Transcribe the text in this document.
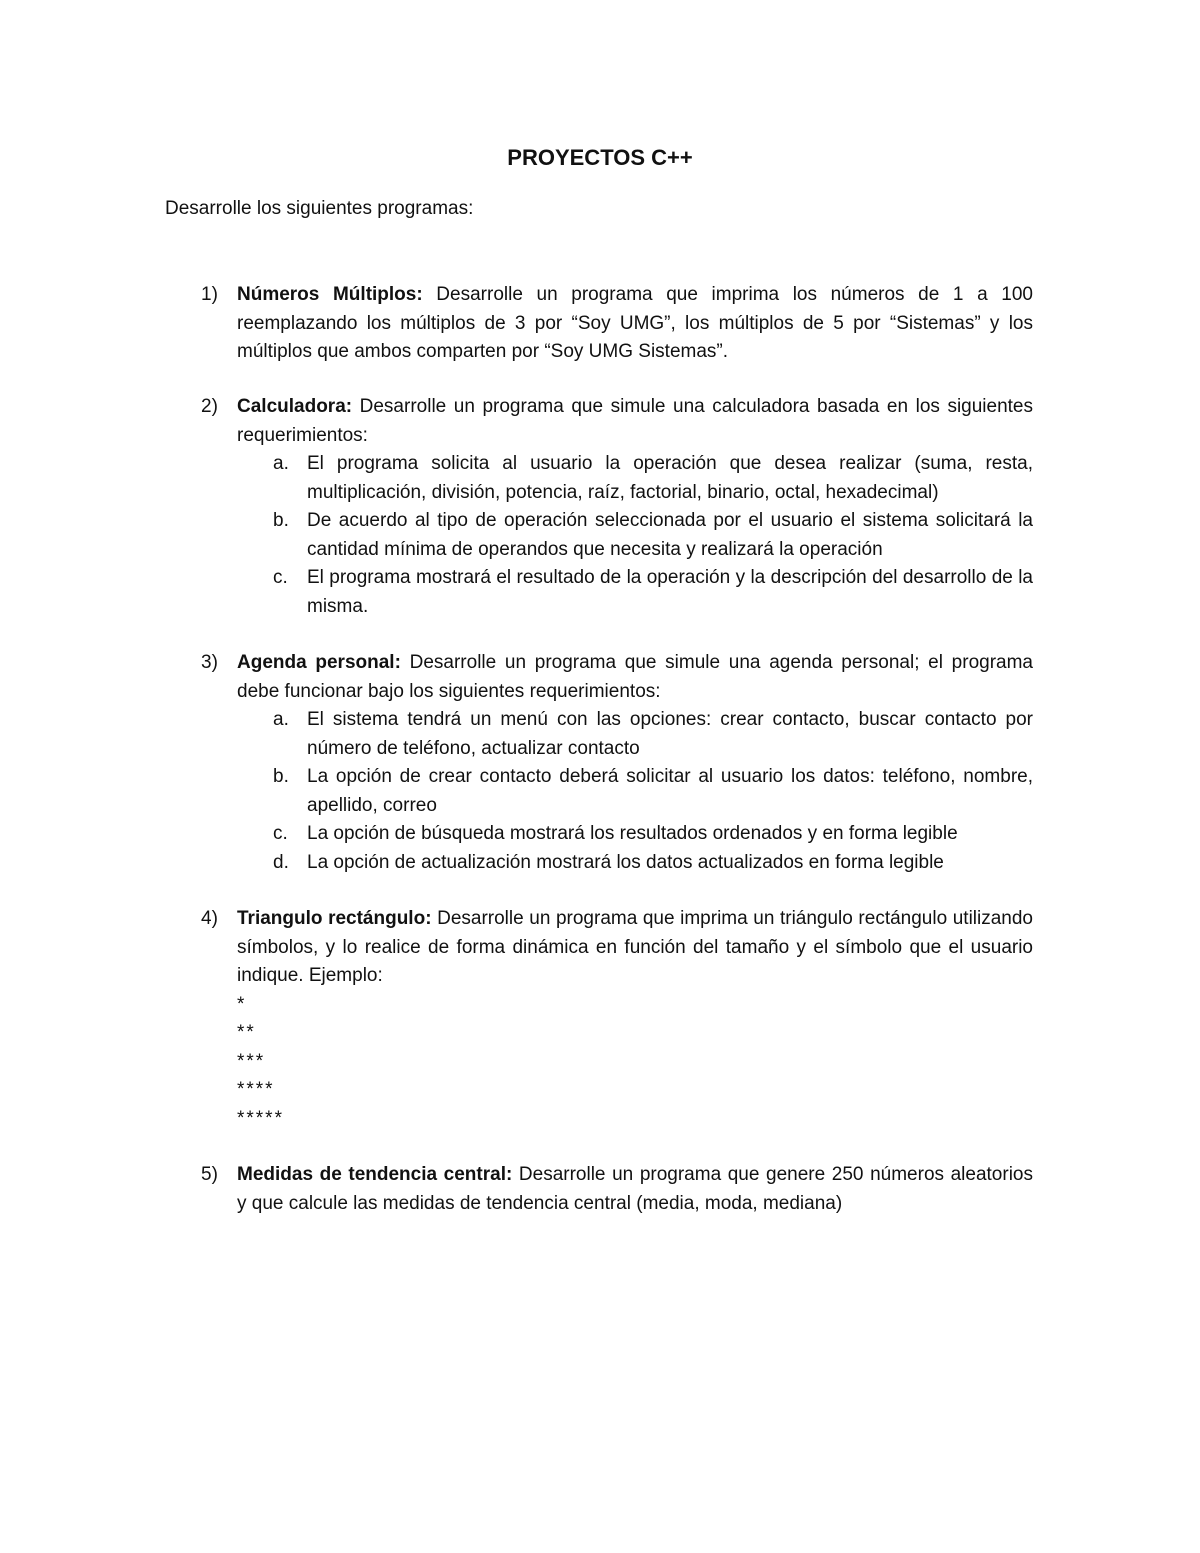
PROYECTOS C++
Desarrolle los siguientes programas:
1) Números Múltiplos: Desarrolle un programa que imprima los números de 1 a 100 reemplazando los múltiplos de 3 por “Soy UMG”, los múltiplos de 5 por “Sistemas” y los múltiplos que ambos comparten por “Soy UMG Sistemas”.
2) Calculadora: Desarrolle un programa que simule una calculadora basada en los siguientes requerimientos:
a. El programa solicita al usuario la operación que desea realizar (suma, resta, multiplicación, división, potencia, raíz, factorial, binario, octal, hexadecimal)
b. De acuerdo al tipo de operación seleccionada por el usuario el sistema solicitará la cantidad mínima de operandos que necesita y realizará la operación
c. El programa mostrará el resultado de la operación y la descripción del desarrollo de la misma.
3) Agenda personal: Desarrolle un programa que simule una agenda personal; el programa debe funcionar bajo los siguientes requerimientos:
a. El sistema tendrá un menú con las opciones: crear contacto, buscar contacto por número de teléfono, actualizar contacto
b. La opción de crear contacto deberá solicitar al usuario los datos: teléfono, nombre, apellido, correo
c. La opción de búsqueda mostrará los resultados ordenados y en forma legible
d. La opción de actualización mostrará los datos actualizados en forma legible
4) Triangulo rectángulo: Desarrolle un programa que imprima un triángulo rectángulo utilizando símbolos, y lo realice de forma dinámica en función del tamaño y el símbolo que el usuario indique. Ejemplo:
*
**
***
****
*****
5) Medidas de tendencia central: Desarrolle un programa que genere 250 números aleatorios y que calcule las medidas de tendencia central (media, moda, mediana)
